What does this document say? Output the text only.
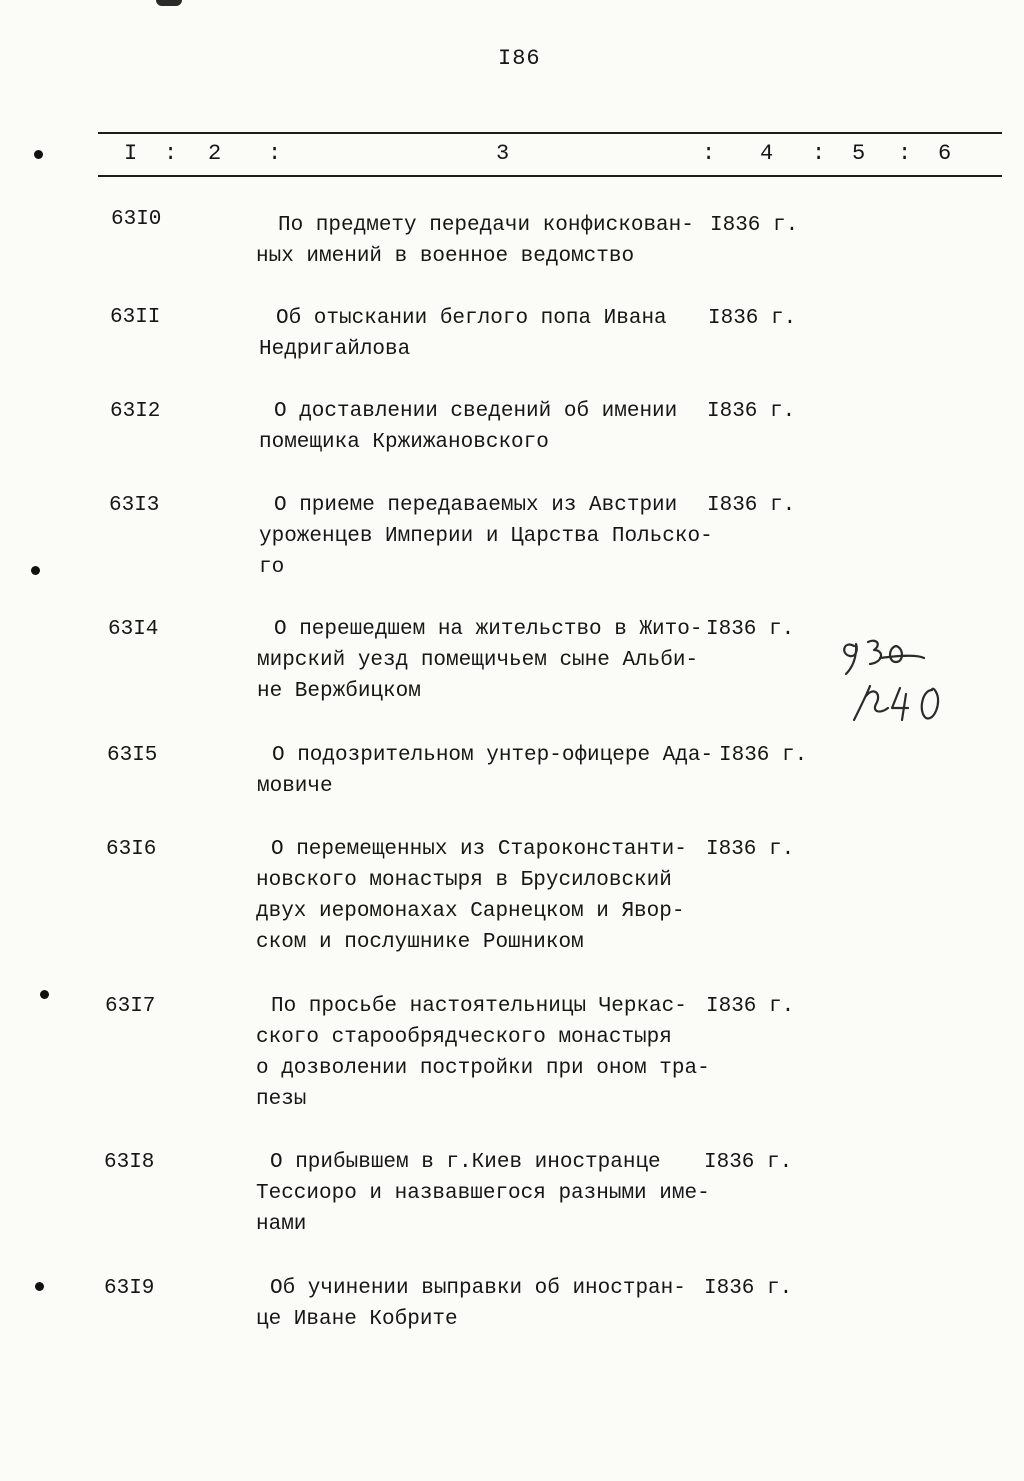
I86
I : 2 :	3	: 4 : 5 : 6
63I0	По предмету передачи конфискован-
ных имений в военное ведомство
I836 г.
63II	Об отыскании беглого попа Ивана
Недригайлова
I836 г.
63I2	О доставлении сведений об имении
помещика Кржижановского
I836 г.
63I3	О приеме передаваемых из Австрии
уроженцев Империи и Царства Польско-
го
I836 г.
63I4	О перешедшем на жительство в Жито-
мирский уезд помещичьем сыне Альби-
не Вержбицком
I836 г.
63I5	О подозрительном унтер-офицере Ада-
мовиче
I836 г.
63I6	О перемещенных из Староконстанти-
новского монастыря в Брусиловский
двух иеромонахах Сарнецком и Явор-
ском и послушнике Рошником
I836 г.
63I7	По просьбе настоятельницы Черкас-
ского старообрядческого монастыря
о дозволении постройки при оном тра-
пезы
I836 г.
63I8	О прибывшем в г.Киев иностранце
Тессиоро и назвавшегося разными име-
нами
I836 г.
63I9	Об учинении выправки об иностран-
це Иване Кобрите
I836 г.
